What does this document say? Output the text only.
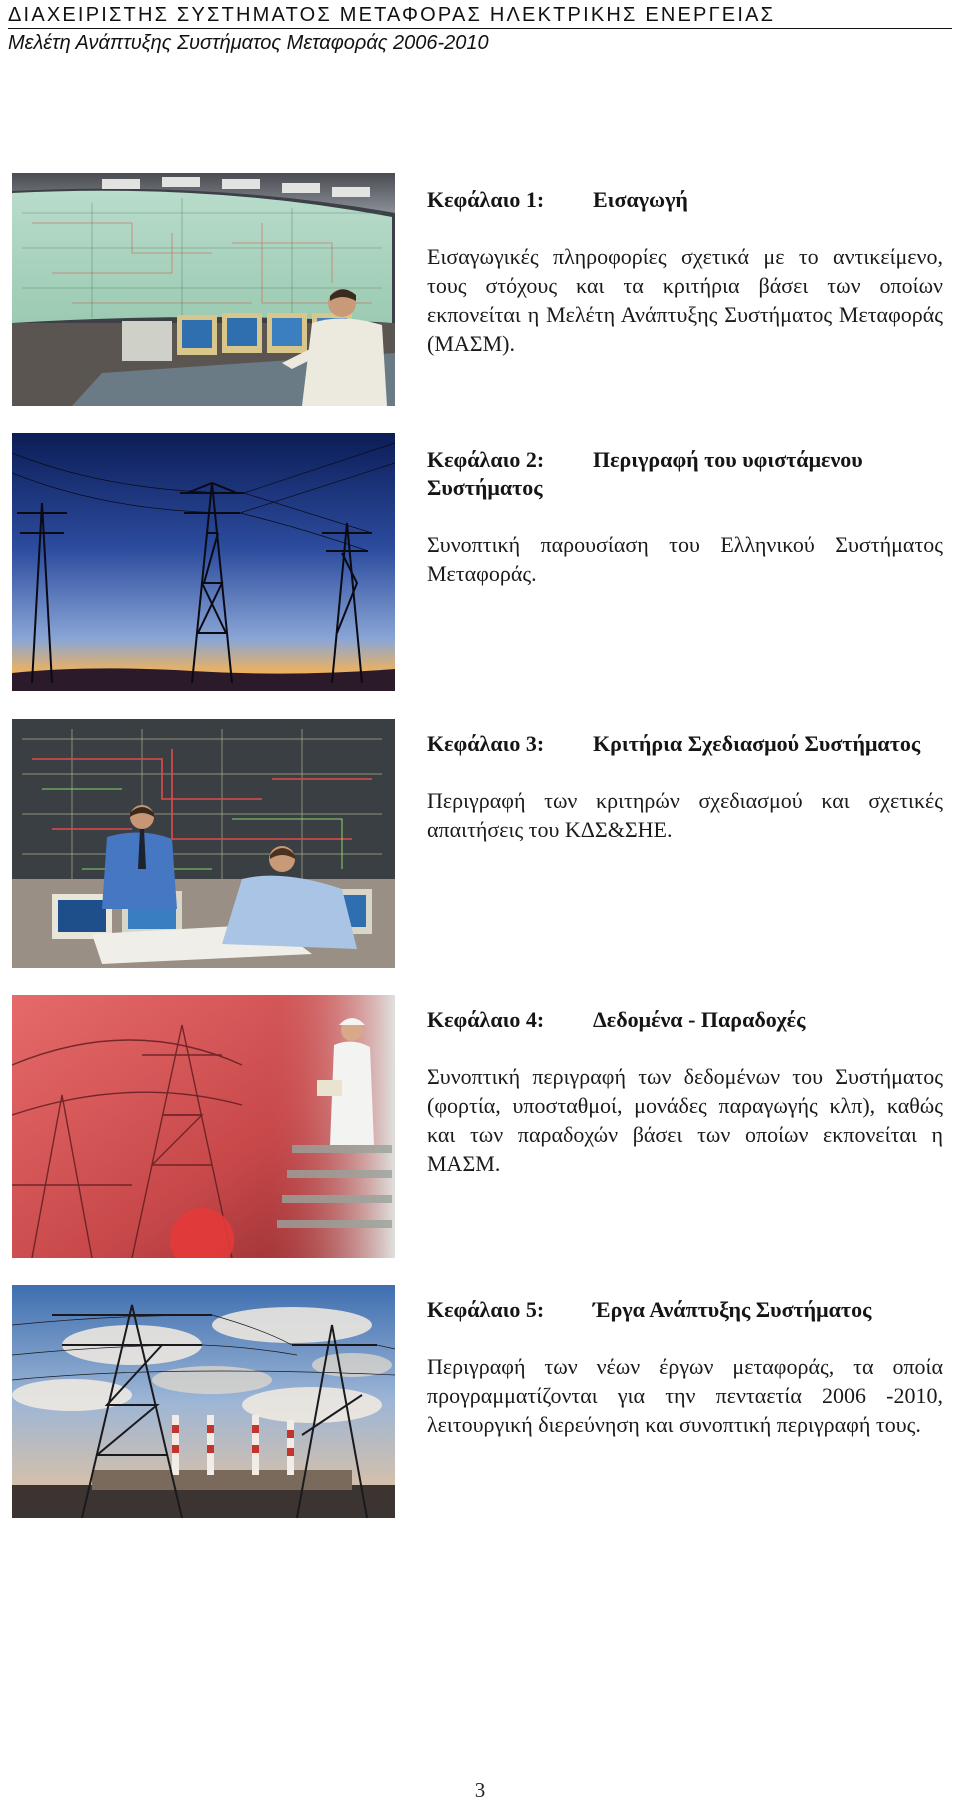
ΔΙΑΧΕΙΡΙΣΤΗΣ ΣΥΣΤΗΜΑΤΟΣ ΜΕΤΑΦΟΡΑΣ ΗΛΕΚΤΡΙΚΗΣ ΕΝΕΡΓΕΙΑΣ
Μελέτη Ανάπτυξης Συστήματος Μεταφοράς 2006-2010
Κεφάλαιο 1: Εισαγωγή
Εισαγωγικές πληροφορίες σχετικά με το αντικείμενο, τους στόχους και τα κριτήρια βάσει των οποίων εκπονείται η Μελέτη Ανάπτυξης Συστήματος Μεταφοράς (ΜΑΣΜ).
Κεφάλαιο 2: Περιγραφή του υφιστάμενου Συστήματος
Συνοπτική παρουσίαση του Ελληνικού Συστήματος Μεταφοράς.
Κεφάλαιο 3: Κριτήρια Σχεδιασμού Συστήματος
Περιγραφή των κριτηρών σχεδιασμού και σχετικές απαιτήσεις του ΚΔΣ&ΣΗΕ.
Κεφάλαιο 4: Δεδομένα - Παραδοχές
Συνοπτική περιγραφή των δεδομένων του Συστήματος (φορτία, υποσταθμοί, μονάδες παραγωγής κλπ), καθώς και των παραδοχών βάσει των οποίων εκπονείται η ΜΑΣΜ.
Κεφάλαιο 5: Έργα Ανάπτυξης Συστήματος
Περιγραφή των νέων έργων μεταφοράς, τα οποία προγραμματίζονται για την πενταετία 2006 -2010, λειτουργική διερεύνηση και συνοπτική περιγραφή τους.
3
